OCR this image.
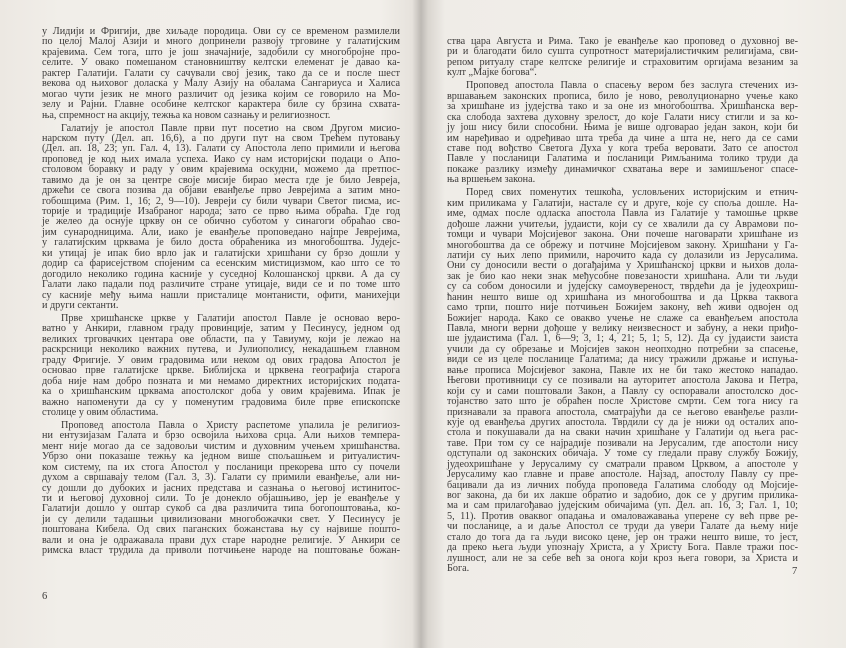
у Лидији и Фригији, две хиљаде породица. Ови су се временом размилели
по целој Малој Азији и много допринели развоју трговине у галатијским
крајевима. Сем тога, што је још значајније, задобили су многобројне про-
селите. У овако помешаном становништву келтски елеменат је давао ка-
рактер Галатији. Галати су сачували свој језик, тако да се и после шест
векова од њиховог доласка у Малу Азију на обалама Сангариуса и Халиса
могао чути језик не много различит од језика којим се говорило на Мо-
зелу и Рајни. Главне особине келтског карактера биле су брзина схвата-
ња, спремност на акцију, тежња ка новом сазнању и религиозност.
Галатију је апостол Павле први пут посетио на свом Другом мисио-
нарском путу (Дел. ап. 16,6), а по други пут на свом Трећем путовању
(Дел. ап. 18, 23; уп. Гал. 4, 13). Галати су Апостола лепо примили и његова
проповед је код њих имала успеха. Иако су нам историјски подаци о Апо-
столовом боравку и раду у овим крајевима оскудни, можемо да претпос-
тавимо да је он за центре своје мисије бирао места где је било Јевреја,
држећи се свога позива да објави еванђеље прво Јеврејима а затим мно-
гобошцима (Рим. 1, 16; 2, 9—10). Јевреји су били чувари Светог писма, ис-
торије и традиције Изабраног народа; зато се прво њима обраћа. Где год
је желео да оснује цркву он се обично суботом у синагоги обраћао сво-
јим сународницима. Али, иако је еванђеље проповедано најпре Јеврејима,
у галатијским црквама је било доста обраћеника из многобоштва. Јудејс-
ки утицај је ипак био врло јак и галатијски хришћани су брзо дошли у
додир са фарисејством спојеним са есенским мистицизмом, као што се то
догодило неколико година касније у суседној Колошанској цркви. А да су
Галати лако падали под различите стране утицаје, види се и по томе што
су касније међу њима нашли присталице монтанисти, офити, манихејци
и други сектанти.
Прве хришћанске цркве у Галатији апостол Павле је основао веро-
ватно у Анкири, главном граду провинције, затим у Песинусу, једном од
великих трговачких центара ове области, па у Тавиуму, који је лежао на
раскрсници неколико важних путева, и Јулиополису, некадашњем главном
граду Фригије. У овим градовима или неком од ових градова Апостол је
основао прве галатијске цркве. Библијска и црквена географија старога
доба није нам добро позната и ми немамо директних историјских подата-
ка о хришћанским црквама апостолског доба у овим крајевима. Ипак је
важно напоменути да су у поменутим градовима биле прве епископске
столице у овим областима.
Проповед апостола Павла о Христу распетоме упалила је религиоз-
ни ентузијазам Галата и брзо освојила њихова срца. Али њихов темпера-
мент није могао да се задовољи чистим и духовним учењем хришћанства.
Убрзо они показаше тежњу ка једном више спољашњем и ритуалистич-
ком систему, па их стога Апостол у посланици прекорева што су почели
духом а свршавају телом (Гал. 3, 3). Галати су примили еванђеље, али ни-
су дошли до дубоких и јасних представа и сазнања о његовој истинитос-
ти и његовој духовној сили. То је донекло објашњиво, јер је еванђеље у
Галатији дошло у оштар сукоб са два различита типа богопоштовања, ко-
ји су делили тадашњи цивилизовани многобожачки свет. У Песинусу је
поштована Кибела. Од свих паганских божанстава њу су највише пошто-
вали и она је одражавала прави дух старе народне религије. У Анкири се
римска власт трудила да приволи потчињене народе на поштовање божан-
ства цара Августа и Рима. Тако је еванђеље као проповед о духовној ве-
ри и благодати било сушта супротност материјалистичким религијама, сви-
репом ритуалу старе келтске религије и страховитим оргијама везаним за
култ „Мајке богова“.
Проповед апостола Павла о спасењу вером без заслуга стечених из-
вршавањем законских прописа, било је ново, револуционарно учење како
за хришћане из јудејства тако и за оне из многобоштва. Хришћанска вер-
ска слобода захтева духовну зрелост, до које Галати нису стигли и за ко-
ју још нису били способни. Њима је више одговарао један закон, који би
им наређивао и одређивао шта треба да чине а шта не, него да се сами
ставе под вођство Светога Духа у кога треба веровати. Зато се апостол
Павле у посланици Галатима и посланици Римљанима толико труди да
покаже разлику између динамичког схватања вере и замишљеног спасе-
ња вршењем закона.
Поред свих поменутих тешкоћа, условљених историјским и етнич-
ким приликама у Галатији, настале су и друге, које су споља дошле. На-
име, одмах после одласка апостола Павла из Галатије у тамошње цркве
дођоше лажни учитељи, јудаисти, који су се хвалили да су Аврамови по-
томци и чувари Мојсијевог закона. Они почеше наговарати хришћане из
многобоштва да се обрежу и потчине Мојсијевом закону. Хришћани у Га-
латији су њих лепо примили, нарочито када су долазили из Јерусалима.
Они су доносили вести о догађајима у Хришћанској цркви и њихов дола-
зак је био као неки знак међусобне повезаности хришћана. Али ти људи
су са собом доносили и јудејску самоувереност, тврдећи да је јудеохриш-
ћанин нешто више од хришћана из многобоштва и да Црква таквога
само трпи, пошто није потчињен Божијем закону, већ живи одвојен од
Божијег народа. Како се овакво учење не слаже са еванђељем апостола
Павла, многи верни дођоше у велику неизвесност и забуну, а неки приђо-
ше јудаистима (Гал. 1, 6—9; 3, 1; 4, 21; 5, 1; 5, 12). Да су јудаисти заиста
учили да су обрезање и Мојсијев закон неопходно потребни за спасење,
види се из целе посланице Галатима; да нису тражили држање и испуња-
вање прописа Мојсијевог закона, Павле их не би тако жестоко нападао.
Његови противници су се позивали на ауторитет апостола Јакова и Петра,
који су и сами поштовали Закон, а Павлу су оспоравали апостолско дос-
тојанство зато што је обраћен после Христове смрти. Сем тога нису га
признавали за правога апостола, сматрајући да се његово еванђеље разли-
кује од еванђеља других апостола. Тврдили су да је нижи од осталих апо-
стола и покушавали да на сваки начин хришћане у Галатији од њега рас-
таве. При том су се најрадије позивали на Јерусалим, где апостоли нису
одступали од законских обичаја. У томе су гледали праву службу Божију,
јудеохришћане у Јерусалиму су сматрали правом Црквом, а апостоле у
Јерусалиму као главне и праве апостоле. Најзад, апостолу Павлу су пре-
бацивали да из личних побуда проповеда Галатима слободу од Мојсије-
вог закона, да би их лакше обратио и задобио, док се у другим прилика-
ма и сам прилагођавао јудејским обичајима (уп. Дел. ап. 16, 3; Гал. 1, 10;
5, 11). Против оваквог опадања и омаловажавања уперене су већ прве ре-
чи посланице, а и даље Апостол се труди да увери Галате да њему није
стало до тога да га људи високо цене, јер он тражи нешто више, то јест,
да преко њега људи упознају Христа, а у Христу Бога. Павле тражи пос-
лушност, али не за себе већ за онога који кроз њега говори, за Христа и
Бога.
6
7
